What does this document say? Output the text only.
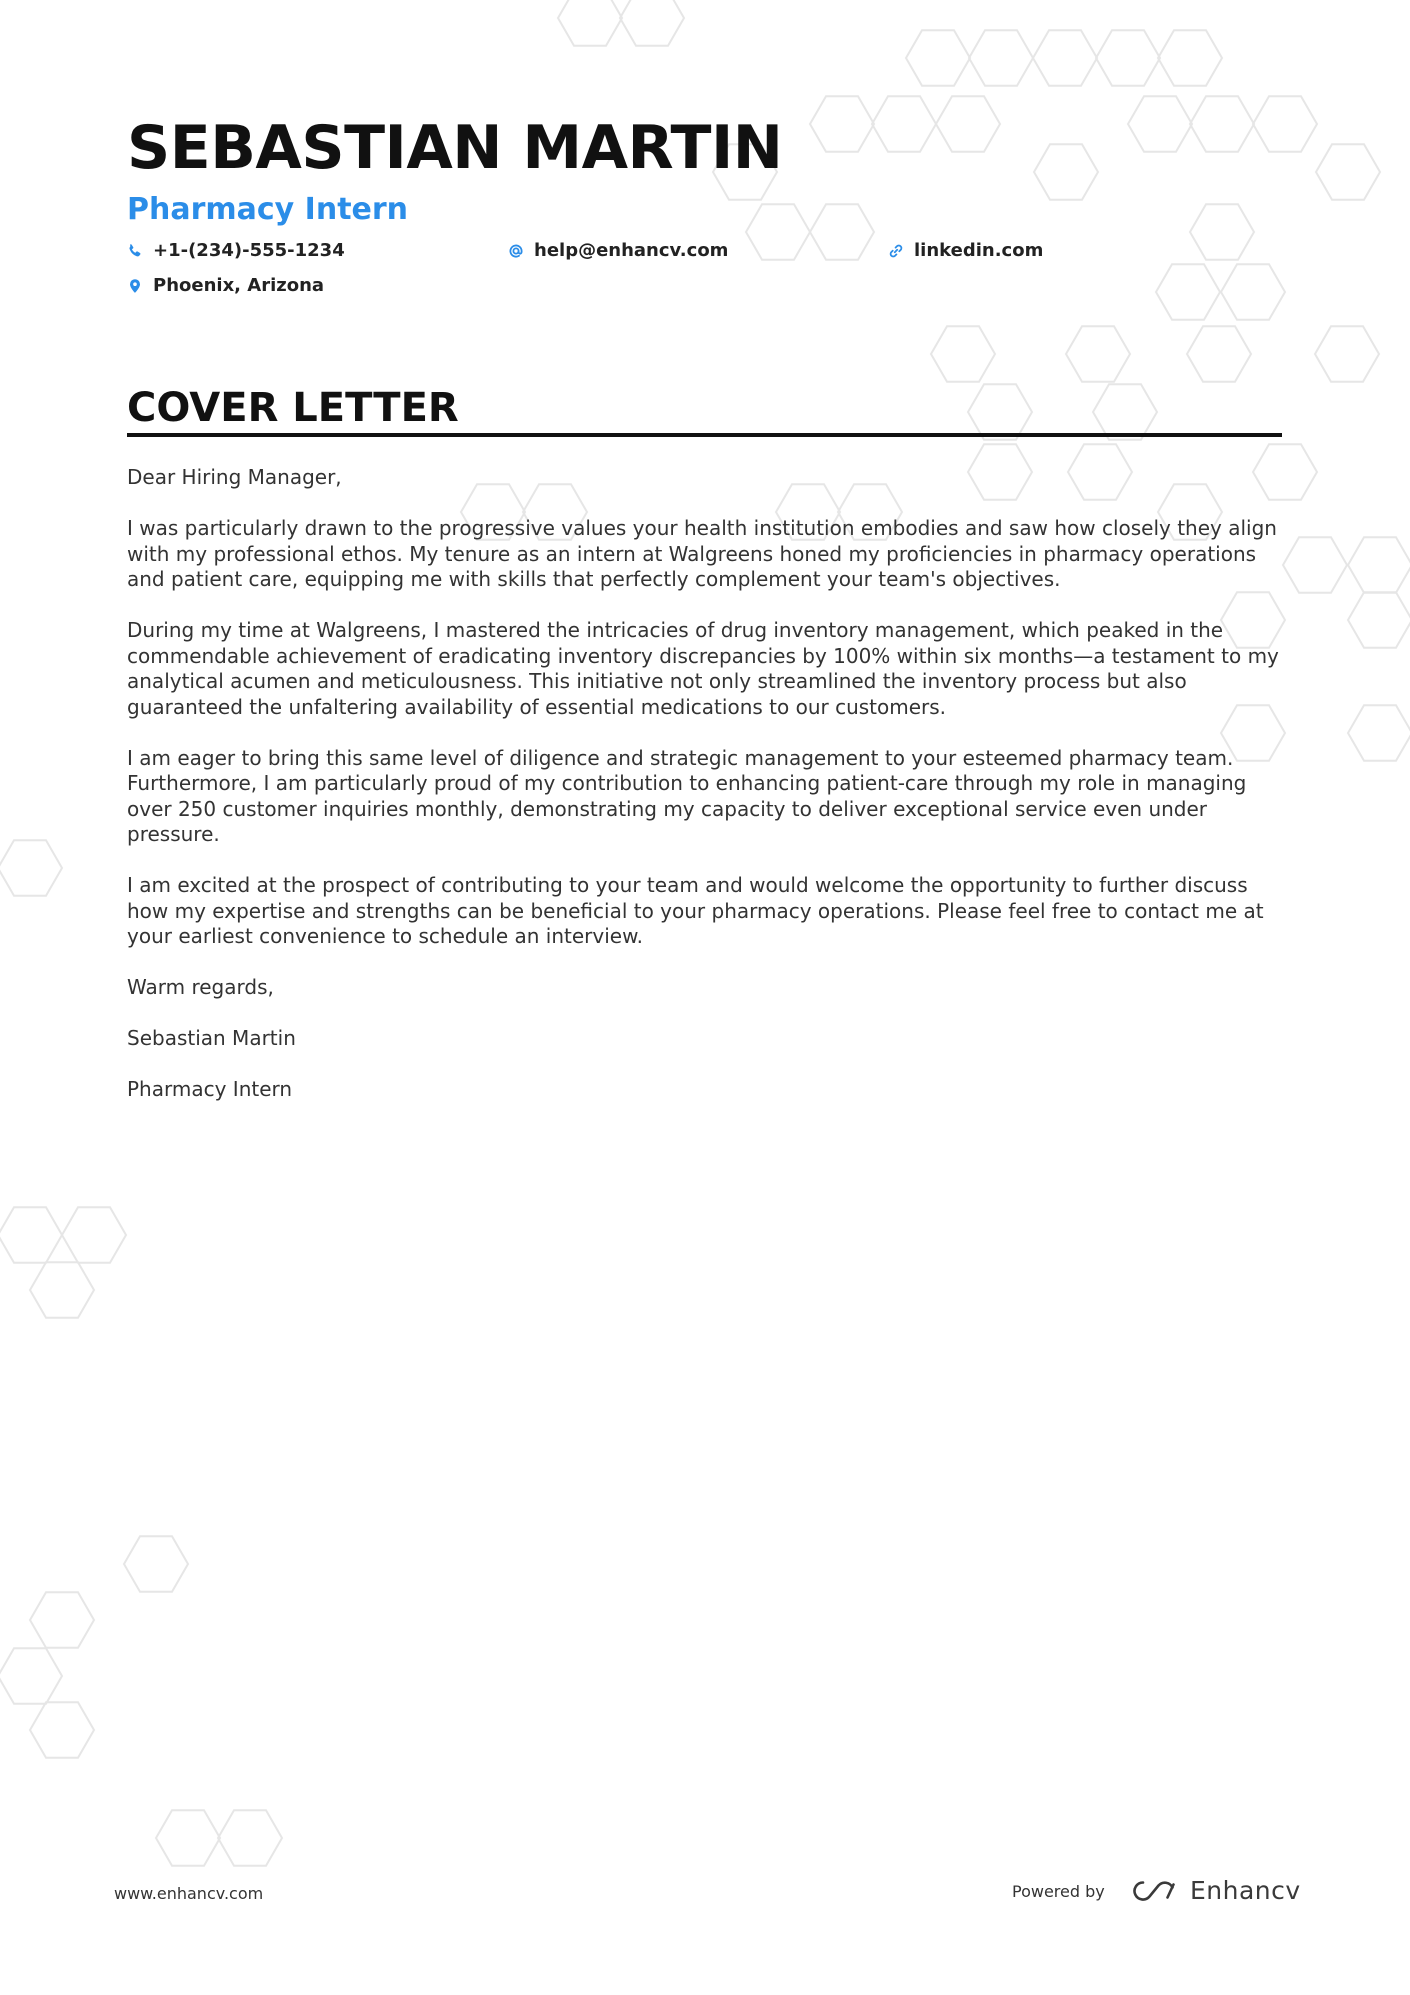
SEBASTIAN MARTIN
Pharmacy Intern
+1-(234)-555-1234	help@enhancv.com	linkedin.com
Phoenix, Arizona
COVER LETTER

Dear Hiring Manager,

I was particularly drawn to the progressive values your health institution embodies and saw how closely they align with my professional ethos. My tenure as an intern at Walgreens honed my proficiencies in pharmacy operations and patient care, equipping me with skills that perfectly complement your team's objectives.

During my time at Walgreens, I mastered the intricacies of drug inventory management, which peaked in the commendable achievement of eradicating inventory discrepancies by 100% within six months—a testament to my analytical acumen and meticulousness. This initiative not only streamlined the inventory process but also guaranteed the unfaltering availability of essential medications to our customers.

I am eager to bring this same level of diligence and strategic management to your esteemed pharmacy team. Furthermore, I am particularly proud of my contribution to enhancing patient-care through my role in managing over 250 customer inquiries monthly, demonstrating my capacity to deliver exceptional service even under pressure.

I am excited at the prospect of contributing to your team and would welcome the opportunity to further discuss how my expertise and strengths can be beneficial to your pharmacy operations. Please feel free to contact me at your earliest convenience to schedule an interview.

Warm regards,

Sebastian Martin

Pharmacy Intern

www.enhancv.com	Powered by	Enhancv
